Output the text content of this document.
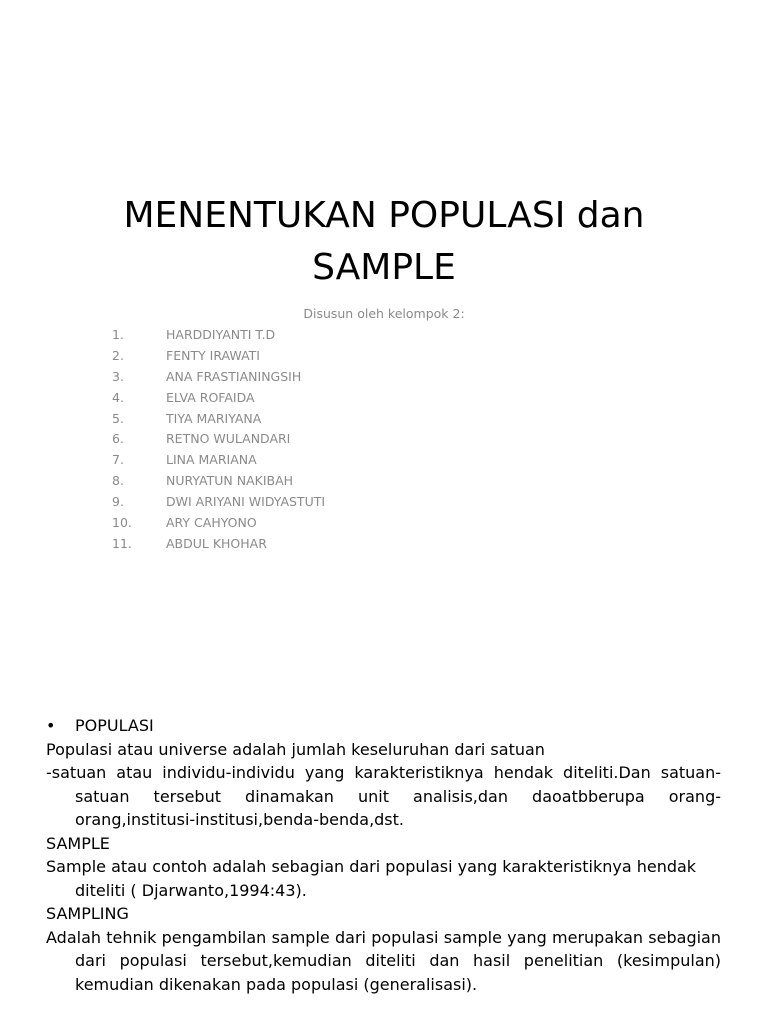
MENENTUKAN POPULASI dan SAMPLE
Disusun oleh kelompok 2:
1.	HARDDIYANTI T.D
2.	FENTY IRAWATI
3.	ANA FRASTIANINGSIH
4.	ELVA ROFAIDA
5.	TIYA MARIYANA
6.	RETNO WULANDARI
7.	LINA MARIANA
8.	NURYATUN NAKIBAH
9.	DWI ARIYANI WIDYASTUTI
10.	ARY CAHYONO
11.	ABDUL KHOHAR

•	POPULASI

Populasi atau universe adalah jumlah keseluruhan dari satuan

-satuan atau individu-individu yang karakteristiknya hendak diteliti.Dan satuan-satuan tersebut dinamakan unit analisis,dan daoatbberupa orang-orang,institusi-institusi,benda-benda,dst.

SAMPLE

Sample atau contoh adalah sebagian dari populasi yang karakteristiknya hendak diteliti ( Djarwanto,1994:43).

SAMPLING

Adalah tehnik pengambilan sample dari populasi sample yang merupakan sebagian dari populasi tersebut,kemudian diteliti dan hasil penelitian (kesimpulan) kemudian dikenakan pada populasi (generalisasi).
